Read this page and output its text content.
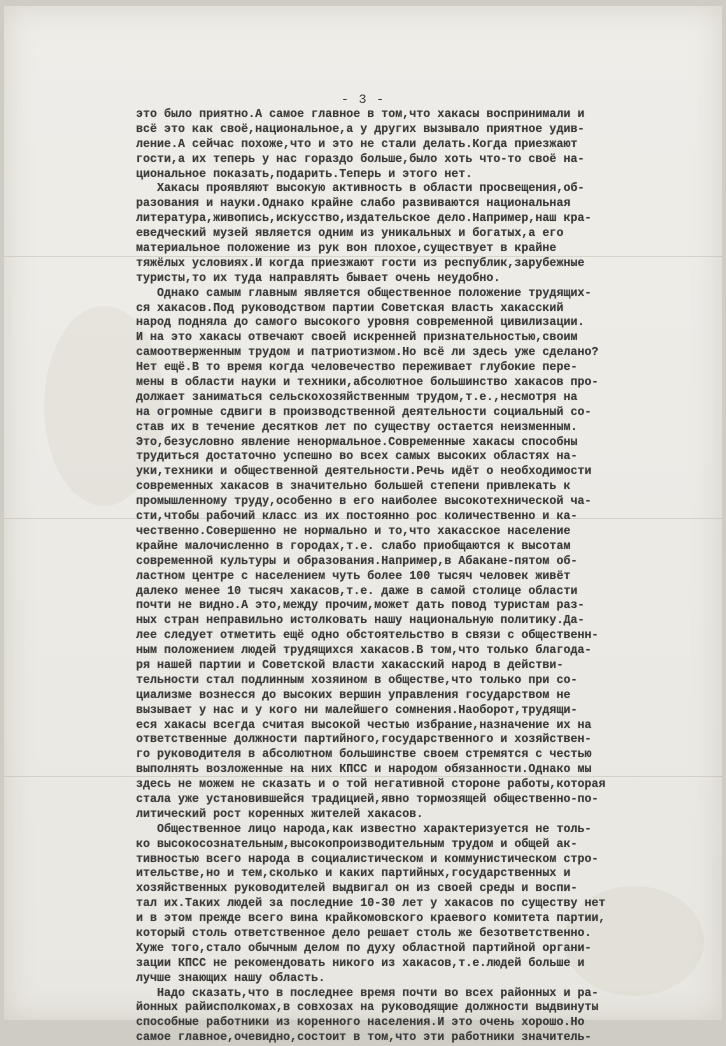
- 3 -
это было приятно.А самое главное в том,что хакасы воспринимали и
всё это как своё,национальное,а у других вызывало приятное удив-
ление.А сейчас похоже,что и это не стали делать.Когда приезжают
гости,а их теперь у нас гораздо больше,было хоть что-то своё на-
циональное показать,подарить.Теперь и этого нет.
Хакасы проявляют высокую активность в области просвещения,об-
разования и науки.Однако крайне слабо развиваются национальная
литература,живопись,искусство,издательское дело.Например,наш кра-
еведческий музей является одним из уникальных и богатых,а его
материальное положение из рук вон плохое,существует в крайне
тяжёлых условиях.И когда приезжают гости из республик,зарубежные
туристы,то их туда направлять бывает очень неудобно.
Однако самым главным является общественное положение трудящих-
ся хакасов.Под руководством партии Советская власть хакасский
народ подняла до самого высокого уровня современной цивилизации.
И на это хакасы отвечают своей искренней признательностью,своим
самоотверженным трудом и патриотизмом.Но всё ли здесь уже сделано?
Нет ещё.В то время когда человечество переживает глубокие пере-
мены в области науки и техники,абсолютное большинство хакасов про-
должает заниматься сельскохозяйственным трудом,т.е.,несмотря на
на огромные сдвиги в производственной деятельности социальный со-
став их в течение десятков лет по существу остается неизменным.
Это,безусловно явление ненормальное.Современные хакасы способны
трудиться достаточно успешно во всех самых высоких областях на-
уки,техники и общественной деятельности.Речь идёт о необходимости
современных хакасов в значительно большей степени привлекать к
промышленному труду,особенно в его наиболее высокотехнической ча-
сти,чтобы рабочий класс из их постоянно рос количественно и ка-
чественно.Совершенно не нормально и то,что хакасское население
крайне малочисленно в городах,т.е. слабо приобщаются к высотам
современной культуры и образования.Например,в Абакане-пятом об-
ластном центре с населением чуть более 100 тысяч человек живёт
далеко менее 10 тысяч хакасов,т.е. даже в самой столице области
почти не видно.А это,между прочим,может дать повод туристам раз-
ных стран неправильно истолковать нашу национальную политику.Да-
лее следует отметить ещё одно обстоятельство в связи с общественн-
ным положением людей трудящихся хакасов.В том,что только благода-
ря нашей партии и Советской власти хакасский народ в действи-
тельности стал подлинным хозяином в обществе,что только при со-
циализме вознесся до высоких вершин управления государством не
вызывает у нас и у кого ни малейшего сомнения.Наоборот,трудящи-
еся хакасы всегда считая высокой честью избрание,назначение их на
ответственные должности партийного,государственного и хозяйствен-
го руководителя в абсолютном большинстве своем стремятся с честью
выполнять возложенные на них КПСС и народом обязанности.Однако мы
здесь не можем не сказать и о той негативной стороне работы,которая
стала уже установившейся традицией,явно тормозящей общественно-по-
литический рост коренных жителей хакасов.
Общественное лицо народа,как известно характеризуется не толь-
ко высокосознательным,высокопроизводительным трудом и общей ак-
тивностью всего народа в социалистическом и коммунистическом стро-
ительстве,но и тем,сколько и каких партийных,государственных и
хозяйственных руководителей выдвигал он из своей среды и воспи-
тал их.Таких людей за последние 10-30 лет у хакасов по существу нет
и в этом прежде всего вина крайкомовского краевого комитета партии,
который столь ответственное дело решает столь же безответственно.
Хуже того,стало обычным делом по духу областной партийной органи-
зации КПСС не рекомендовать никого из хакасов,т.е.людей больше и
лучше знающих нашу область.
Надо сказать,что в последнее время почти во всех районных и ра-
йонных райисполкомах,в совхозах на руководящие должности выдвинуты
способные работники из коренного населения.И это очень хорошо.Но
самое главное,очевидно,состоит в том,что эти работники значитель-
